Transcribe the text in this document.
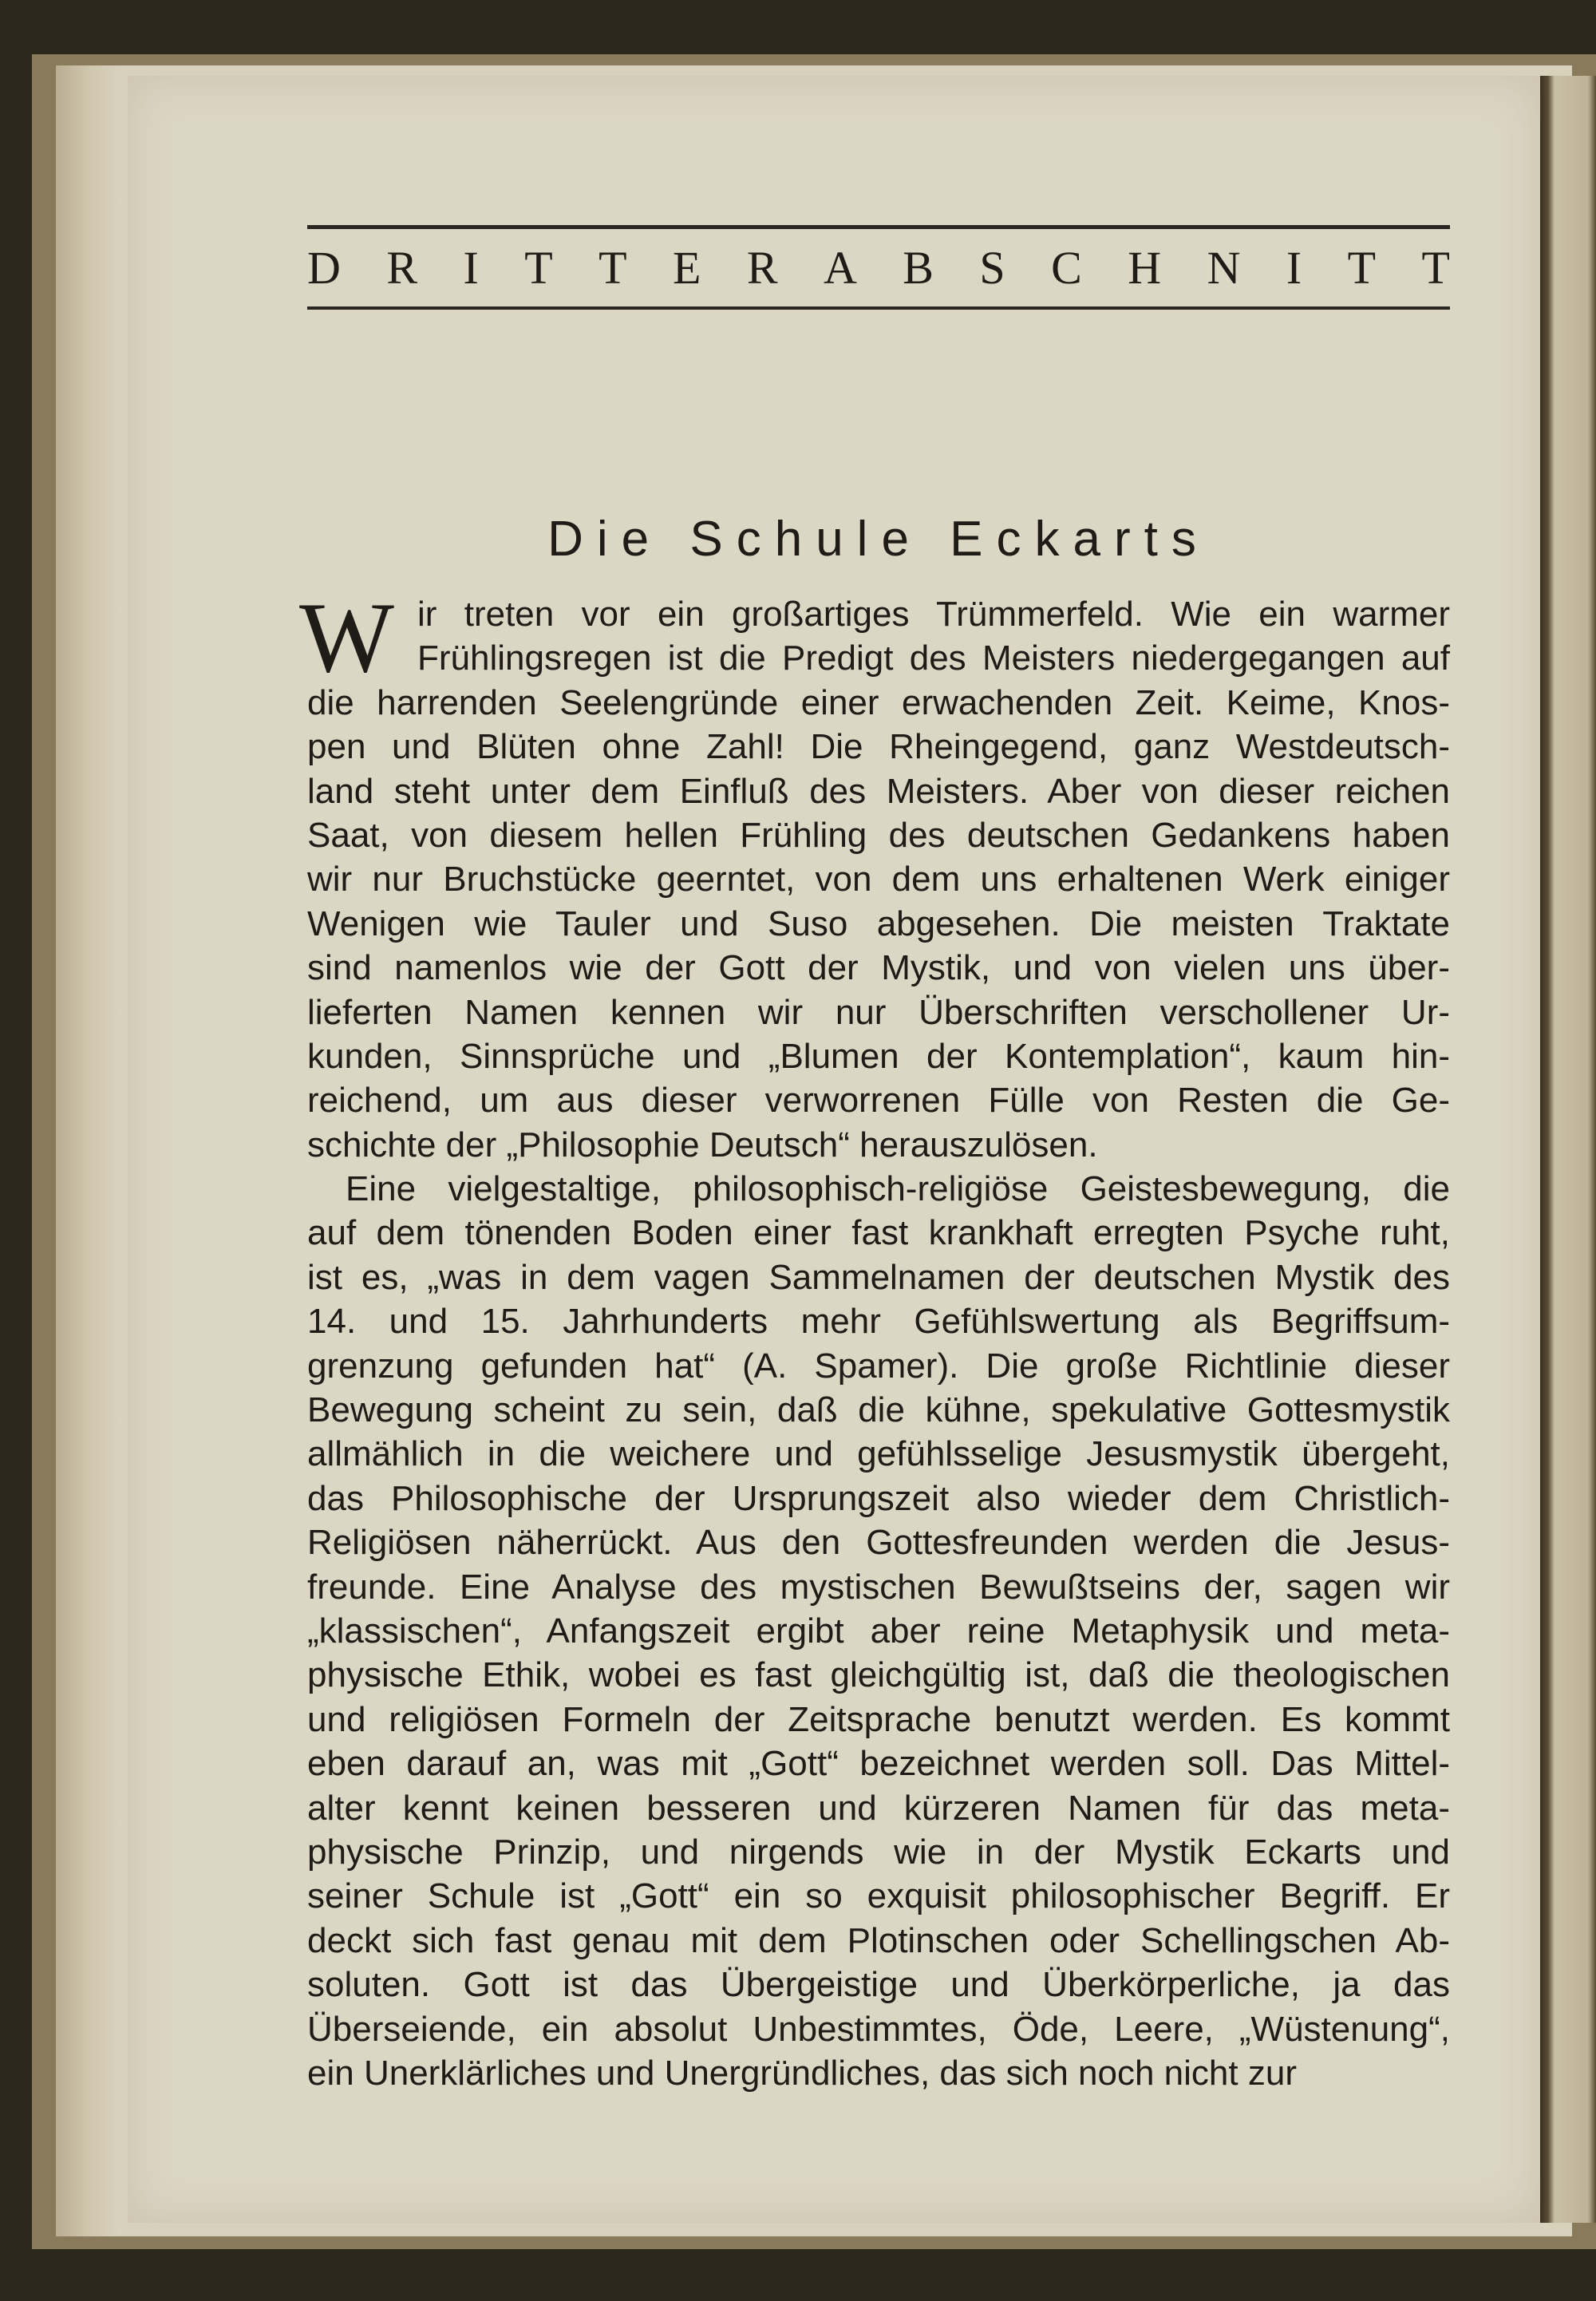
D R I T T E R A B S C H N I T T
Die Schule Eckarts
W ir treten vor ein großartiges Trümmerfeld. Wie ein warmer
Frühlingsregen ist die Predigt des Meisters niedergegangen auf
die harrenden Seelengründe einer erwachenden Zeit. Keime, Knos-
pen und Blüten ohne Zahl! Die Rheingegend, ganz Westdeutsch-
land steht unter dem Einfluß des Meisters. Aber von dieser reichen
Saat, von diesem hellen Frühling des deutschen Gedankens haben
wir nur Bruchstücke geerntet, von dem uns erhaltenen Werk einiger
Wenigen wie Tauler und Suso abgesehen. Die meisten Traktate
sind namenlos wie der Gott der Mystik, und von vielen uns über-
lieferten Namen kennen wir nur Überschriften verschollener Ur-
kunden, Sinnsprüche und „Blumen der Kontemplation“, kaum hin-
reichend, um aus dieser verworrenen Fülle von Resten die Ge-
schichte der „Philosophie Deutsch“ herauszulösen.
Eine vielgestaltige, philosophisch-religiöse Geistesbewegung, die
auf dem tönenden Boden einer fast krankhaft erregten Psyche ruht,
ist es, „was in dem vagen Sammelnamen der deutschen Mystik des
14. und 15. Jahrhunderts mehr Gefühlswertung als Begriffsum-
grenzung gefunden hat“ (A. Spamer). Die große Richtlinie dieser
Bewegung scheint zu sein, daß die kühne, spekulative Gottesmystik
allmählich in die weichere und gefühlsselige Jesusmystik übergeht,
das Philosophische der Ursprungszeit also wieder dem Christlich-
Religiösen näherrückt. Aus den Gottesfreunden werden die Jesus-
freunde. Eine Analyse des mystischen Bewußtseins der, sagen wir
„klassischen“, Anfangszeit ergibt aber reine Metaphysik und meta-
physische Ethik, wobei es fast gleichgültig ist, daß die theologischen
und religiösen Formeln der Zeitsprache benutzt werden. Es kommt
eben darauf an, was mit „Gott“ bezeichnet werden soll. Das Mittel-
alter kennt keinen besseren und kürzeren Namen für das meta-
physische Prinzip, und nirgends wie in der Mystik Eckarts und
seiner Schule ist „Gott“ ein so exquisit philosophischer Begriff. Er
deckt sich fast genau mit dem Plotinschen oder Schellingschen Ab-
soluten. Gott ist das Übergeistige und Überkörperliche, ja das
Überseiende, ein absolut Unbestimmtes, Öde, Leere, „Wüstenung“,
ein Unerklärliches und Unergründliches, das sich noch nicht zur
